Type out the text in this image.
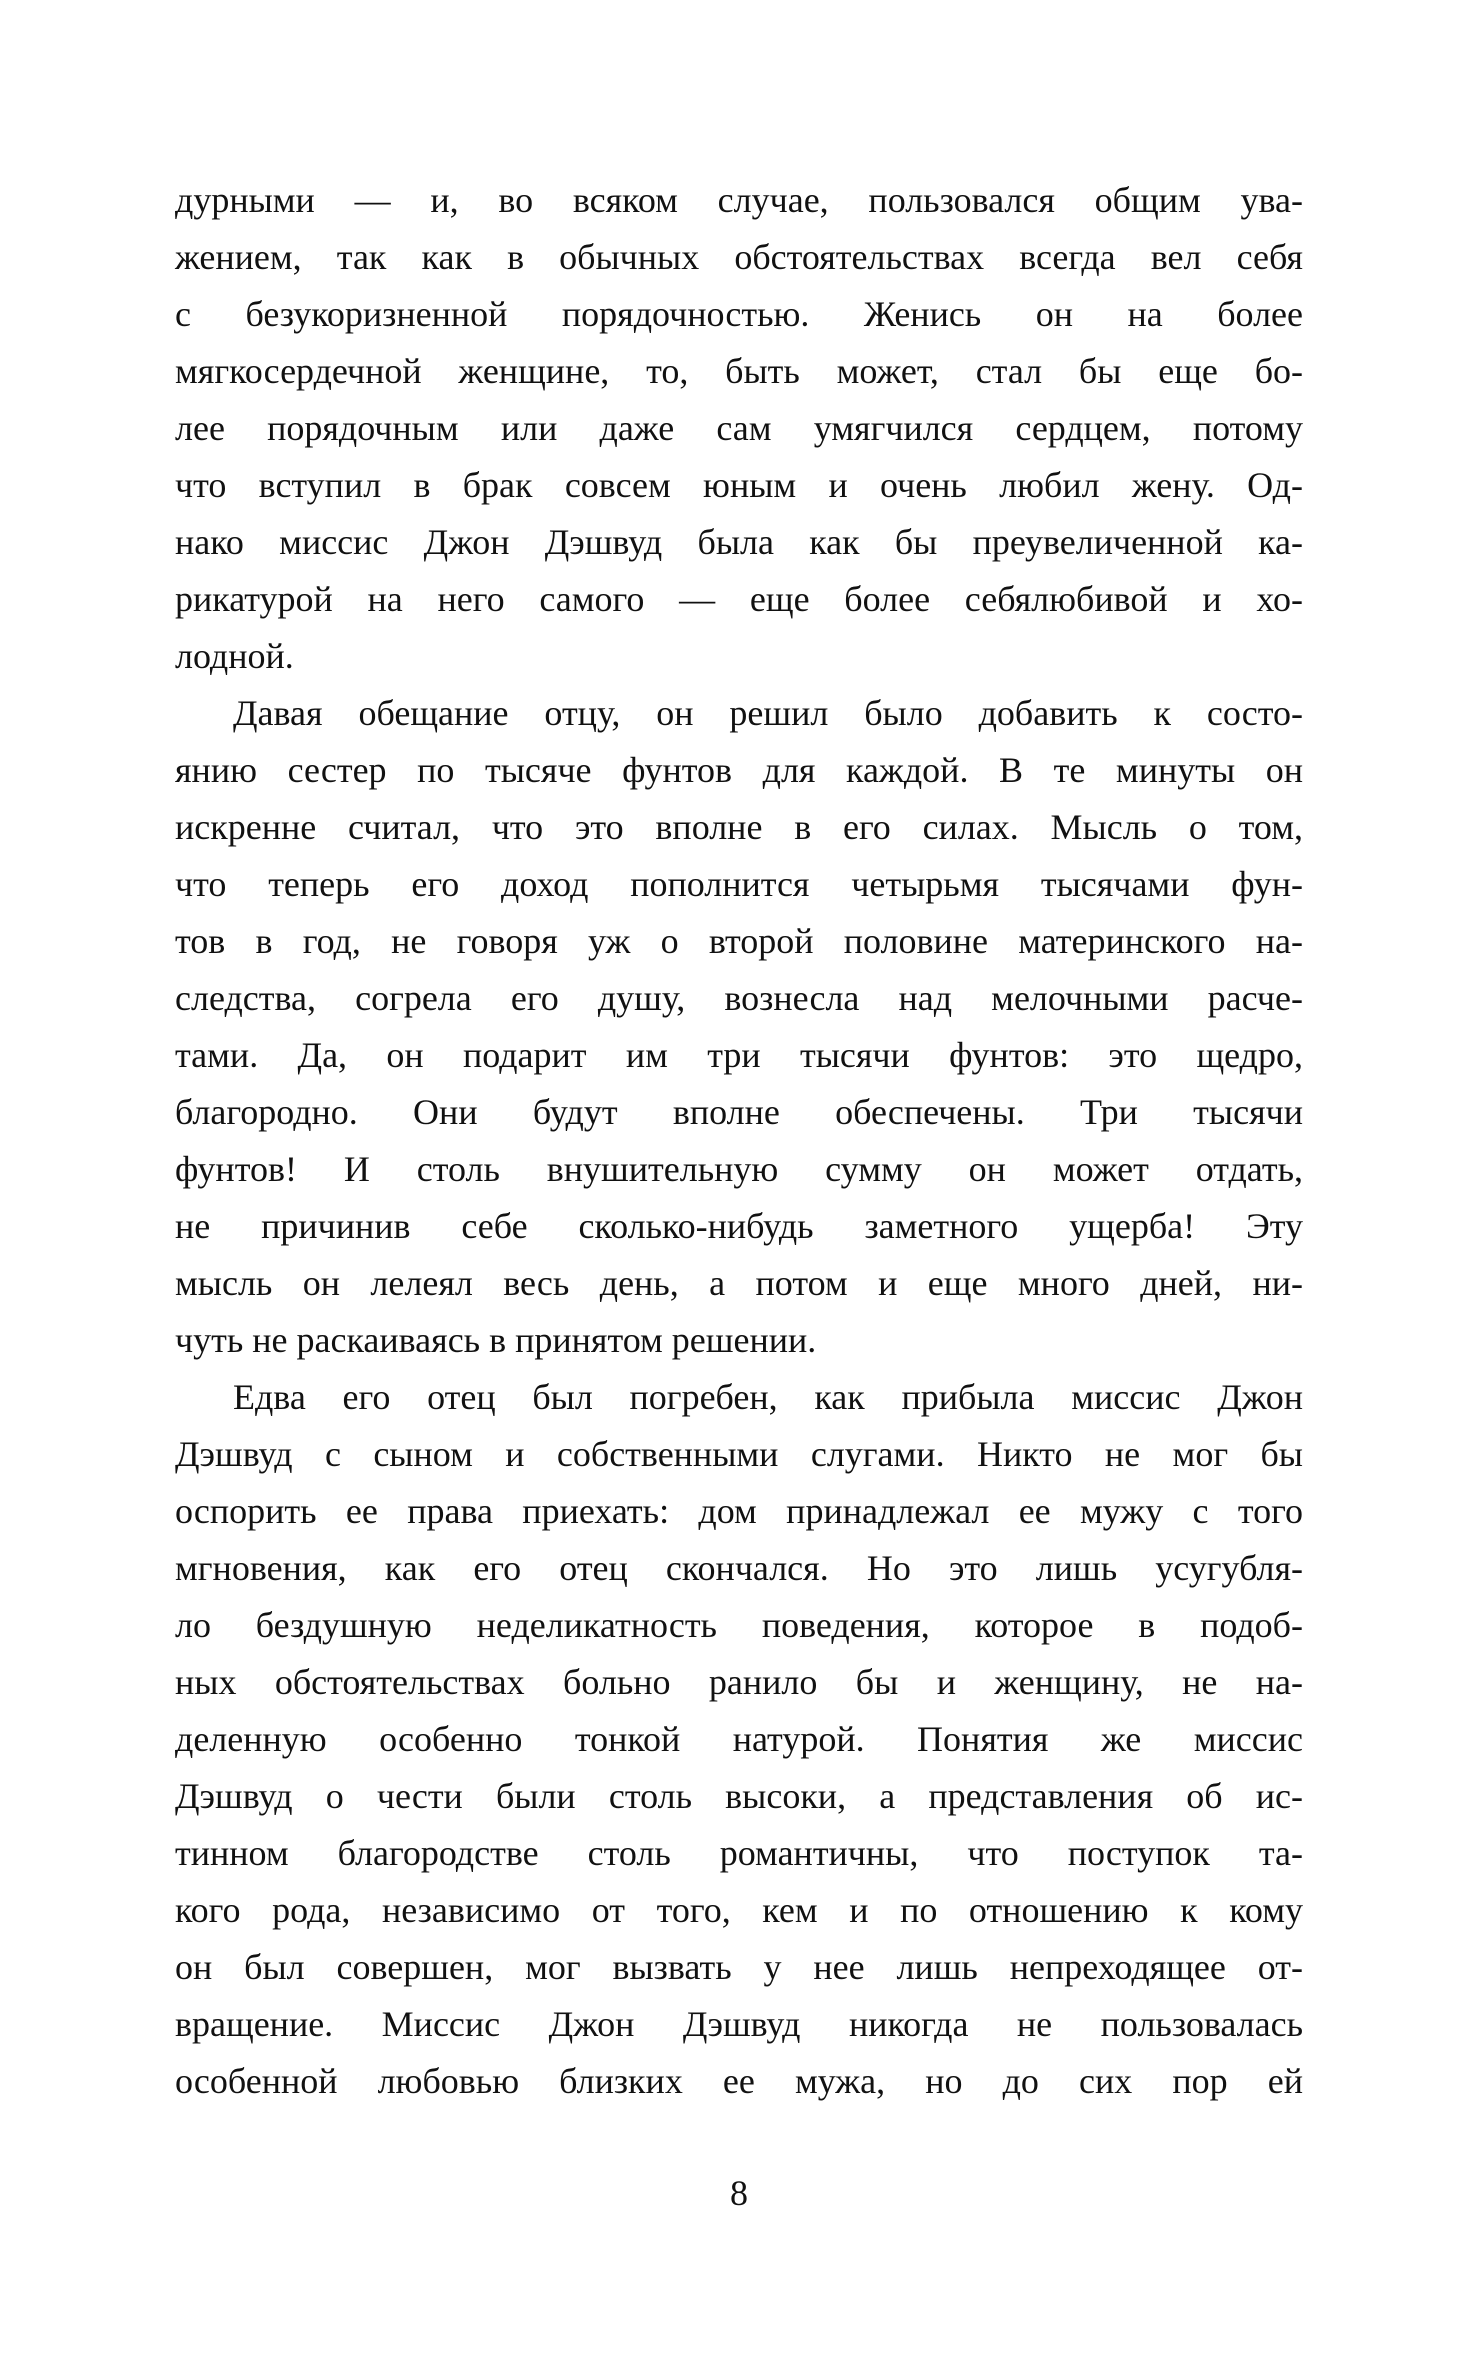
дурными — и, во всяком случае, пользовался общим ува-
жением, так как в обычных обстоятельствах всегда вел себя
с безукоризненной порядочностью. Женись он на более
мягкосердечной женщине, то, быть может, стал бы еще бо-
лее порядочным или даже сам умягчился сердцем, потому
что вступил в брак совсем юным и очень любил жену. Од-
нако миссис Джон Дэшвуд была как бы преувеличенной ка-
рикатурой на него самого — еще более себялюбивой и хо-
лодной.
Давая обещание отцу, он решил было добавить к состо-
янию сестер по тысяче фунтов для каждой. В те минуты он
искренне считал, что это вполне в его силах. Мысль о том,
что теперь его доход пополнится четырьмя тысячами фун-
тов в год, не говоря уж о второй половине материнского на-
следства, согрела его душу, вознесла над мелочными расче-
тами. Да, он подарит им три тысячи фунтов: это щедро,
благородно. Они будут вполне обеспечены. Три тысячи
фунтов! И столь внушительную сумму он может отдать,
не причинив себе сколько-нибудь заметного ущерба! Эту
мысль он лелеял весь день, а потом и еще много дней, ни-
чуть не раскаиваясь в принятом решении.
Едва его отец был погребен, как прибыла миссис Джон
Дэшвуд с сыном и собственными слугами. Никто не мог бы
оспорить ее права приехать: дом принадлежал ее мужу с того
мгновения, как его отец скончался. Но это лишь усугубля-
ло бездушную неделикатность поведения, которое в подоб-
ных обстоятельствах больно ранило бы и женщину, не на-
деленную особенно тонкой натурой. Понятия же миссис
Дэшвуд о чести были столь высоки, а представления об ис-
тинном благородстве столь романтичны, что поступок та-
кого рода, независимо от того, кем и по отношению к кому
он был совершен, мог вызвать у нее лишь непреходящее от-
вращение. Миссис Джон Дэшвуд никогда не пользовалась
особенной любовью близких ее мужа, но до сих пор ей
8
